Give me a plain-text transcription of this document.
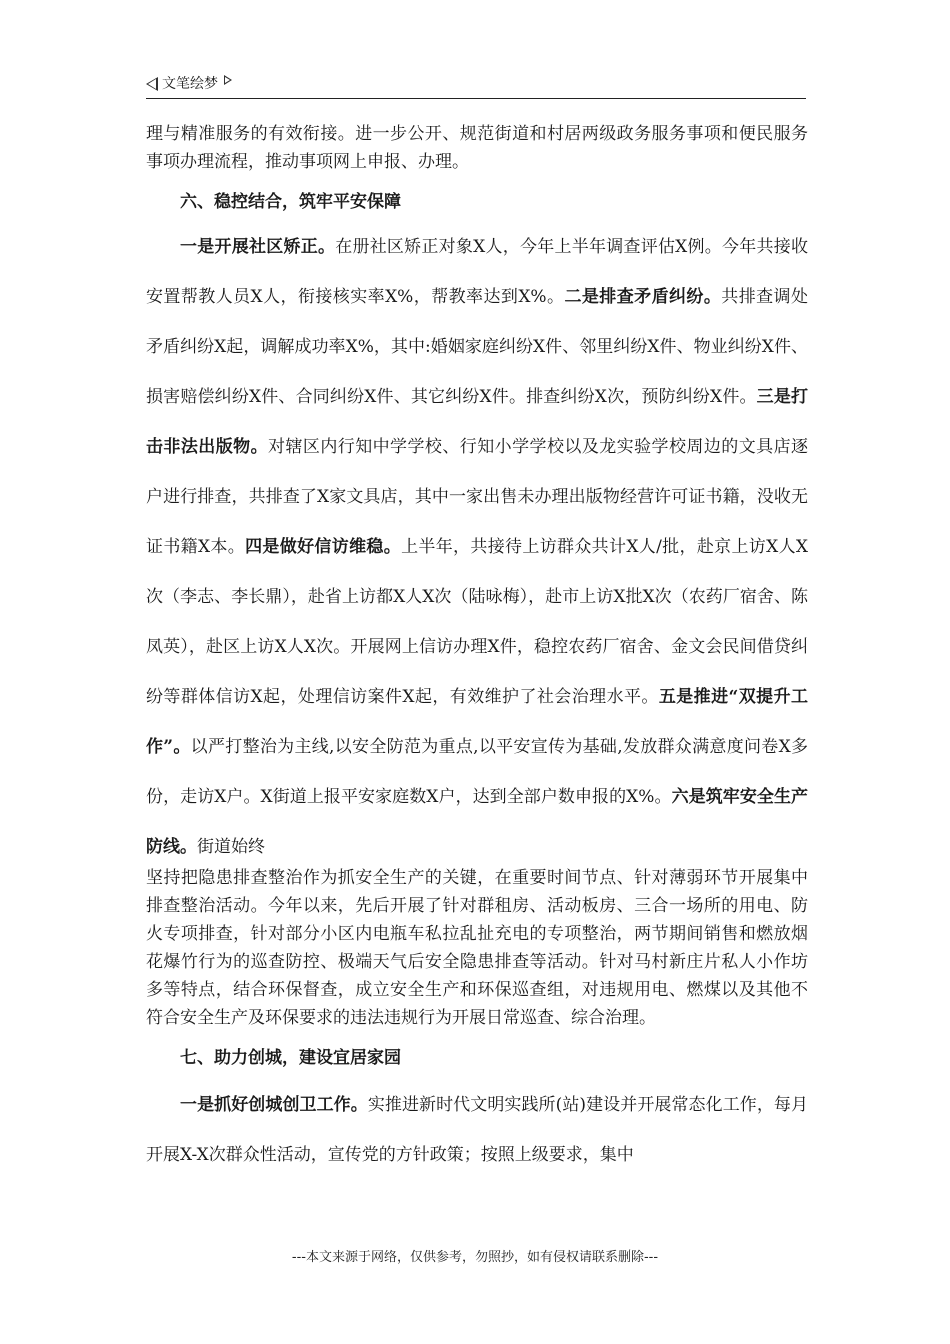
文笔绘梦

理与精准服务的有效衔接。进一步公开、规范街道和村居两级政务服务事项和便民服务事项办理流程，推动事项网上申报、办理。

六、稳控结合，筑牢平安保障

一是开展社区矫正。在册社区矫正对象X人，今年上半年调查评估X例。今年共接收安置帮教人员X人，衔接核实率X%，帮教率达到X%。二是排查矛盾纠纷。共排查调处矛盾纠纷X起，调解成功率X%，其中:婚姻家庭纠纷X件、邻里纠纷X件、物业纠纷X件、损害赔偿纠纷X件、合同纠纷X件、其它纠纷X件。排查纠纷X次，预防纠纷X件。三是打击非法出版物。对辖区内行知中学学校、行知小学学校以及龙实验学校周边的文具店逐户进行排查，共排查了X家文具店，其中一家出售未办理出版物经营许可证书籍，没收无证书籍X本。四是做好信访维稳。上半年，共接待上访群众共计X人/批，赴京上访X人X次（李志、李长鼎），赴省上访都X人X次（陆咏梅），赴市上访X批X次（农药厂宿舍、陈凤英），赴区上访X人X次。开展网上信访办理X件，稳控农药厂宿舍、金文会民间借贷纠纷等群体信访X起，处理信访案件X起，有效维护了社会治理水平。五是推进“双提升工作”。以严打整治为主线,以安全防范为重点,以平安宣传为基础,发放群众满意度问卷X多份，走访X户。X街道上报平安家庭数X户，达到全部户数申报的X%。六是筑牢安全生产防线。街道始终

坚持把隐患排查整治作为抓安全生产的关键，在重要时间节点、针对薄弱环节开展集中排查整治活动。今年以来，先后开展了针对群租房、活动板房、三合一场所的用电、防火专项排查，针对部分小区内电瓶车私拉乱扯充电的专项整治，两节期间销售和燃放烟花爆竹行为的巡查防控、极端天气后安全隐患排查等活动。针对马村新庄片私人小作坊多等特点，结合环保督查，成立安全生产和环保巡查组，对违规用电、燃煤以及其他不符合安全生产及环保要求的违法违规行为开展日常巡查、综合治理。

七、助力创城，建设宜居家园

一是抓好创城创卫工作。实推进新时代文明实践所(站)建设并开展常态化工作，每月开展X-X次群众性活动，宣传党的方针政策；按照上级要求，集中

---本文来源于网络，仅供参考，勿照抄，如有侵权请联系删除---
